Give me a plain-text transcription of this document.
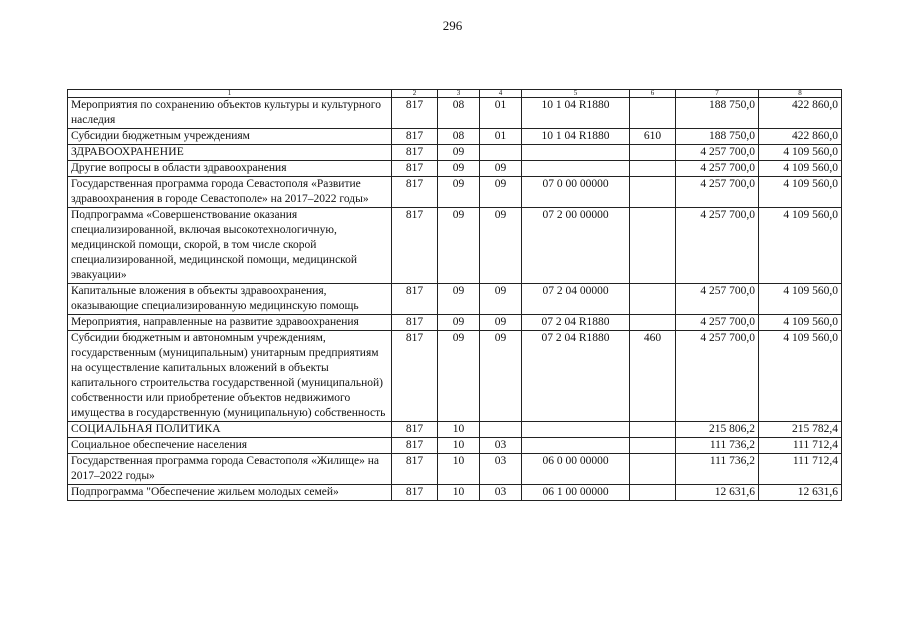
296
1	2	3	4	5	6	7	8
Мероприятия по сохранению объектов культуры и культурного наследия	817	08	01	10 1 04 R1880		188 750,0	422 860,0
Субсидии бюджетным учреждениям	817	08	01	10 1 04 R1880	610	188 750,0	422 860,0
ЗДРАВООХРАНЕНИЕ	817	09				4 257 700,0	4 109 560,0
Другие вопросы в области здравоохранения	817	09	09			4 257 700,0	4 109 560,0
Государственная программа города Севастополя «Развитие здравоохранения в городе Севастополе» на 2017–2022 годы»	817	09	09	07 0 00 00000		4 257 700,0	4 109 560,0
Подпрограмма «Совершенствование оказания специализированной, включая высокотехнологичную, медицинской помощи, скорой, в том числе скорой специализированной, медицинской помощи, медицинской эвакуации»	817	09	09	07 2 00 00000		4 257 700,0	4 109 560,0
Капитальные вложения в объекты здравоохранения, оказывающие специализированную медицинскую помощь	817	09	09	07 2 04 00000		4 257 700,0	4 109 560,0
Мероприятия, направленные на развитие здравоохранения	817	09	09	07 2 04 R1880		4 257 700,0	4 109 560,0
Субсидии бюджетным и автономным учреждениям, государственным (муниципальным) унитарным предприятиям на осуществление капитальных вложений в объекты капитального строительства государственной (муниципальной) собственности или приобретение объектов недвижимого имущества в государственную (муниципальную) собственность	817	09	09	07 2 04 R1880	460	4 257 700,0	4 109 560,0
СОЦИАЛЬНАЯ ПОЛИТИКА	817	10				215 806,2	215 782,4
Социальное обеспечение населения	817	10	03			111 736,2	111 712,4
Государственная программа города Севастополя «Жилище» на 2017–2022 годы»	817	10	03	06 0 00 00000		111 736,2	111 712,4
Подпрограмма "Обеспечение жильем молодых семей»	817	10	03	06 1 00 00000		12 631,6	12 631,6
